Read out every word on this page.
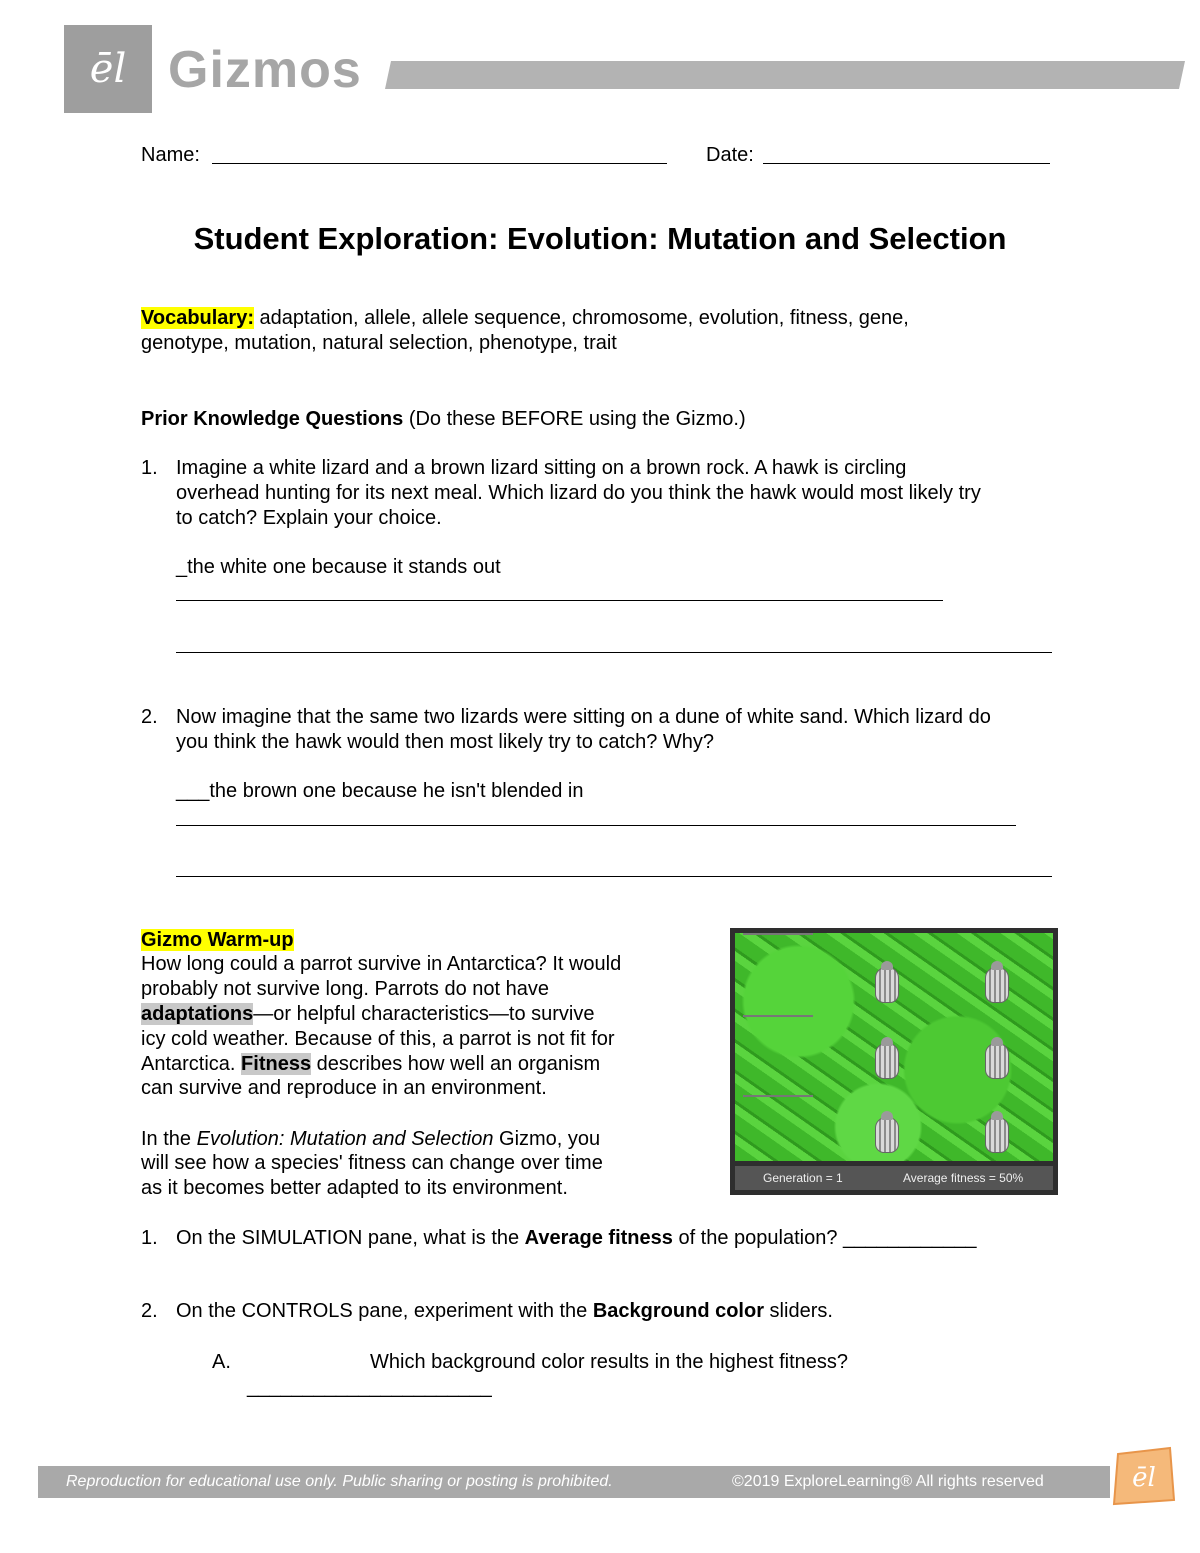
ēl Gizmos
Name:	Date:
Student Exploration: Evolution: Mutation and Selection
Vocabulary: adaptation, allele, allele sequence, chromosome, evolution, fitness, gene,
genotype, mutation, natural selection, phenotype, trait
Prior Knowledge Questions (Do these BEFORE using the Gizmo.)
1. Imagine a white lizard and a brown lizard sitting on a brown rock. A hawk is circling
overhead hunting for its next meal. Which lizard do you think the hawk would most likely try
to catch? Explain your choice.
_the white one because it stands out
2. Now imagine that the same two lizards were sitting on a dune of white sand. Which lizard do
you think the hawk would then most likely try to catch? Why?
___the brown one because he isn't blended in
Gizmo Warm-up
How long could a parrot survive in Antarctica? It would
probably not survive long. Parrots do not have
adaptations—or helpful characteristics—to survive
icy cold weather. Because of this, a parrot is not fit for
Antarctica. Fitness describes how well an organism
can survive and reproduce in an environment.
In the Evolution: Mutation and Selection Gizmo, you
will see how a species' fitness can change over time
as it becomes better adapted to its environment.	Generation = 1	Average fitness = 50%
1. On the SIMULATION pane, what is the Average fitness of the population? ____________
2. On the CONTROLS pane, experiment with the Background color sliders.
A.	Which background color results in the highest fitness?
______________________
Reproduction for educational use only. Public sharing or posting is prohibited.	©2019 ExploreLearning® All rights reserved	ēl
